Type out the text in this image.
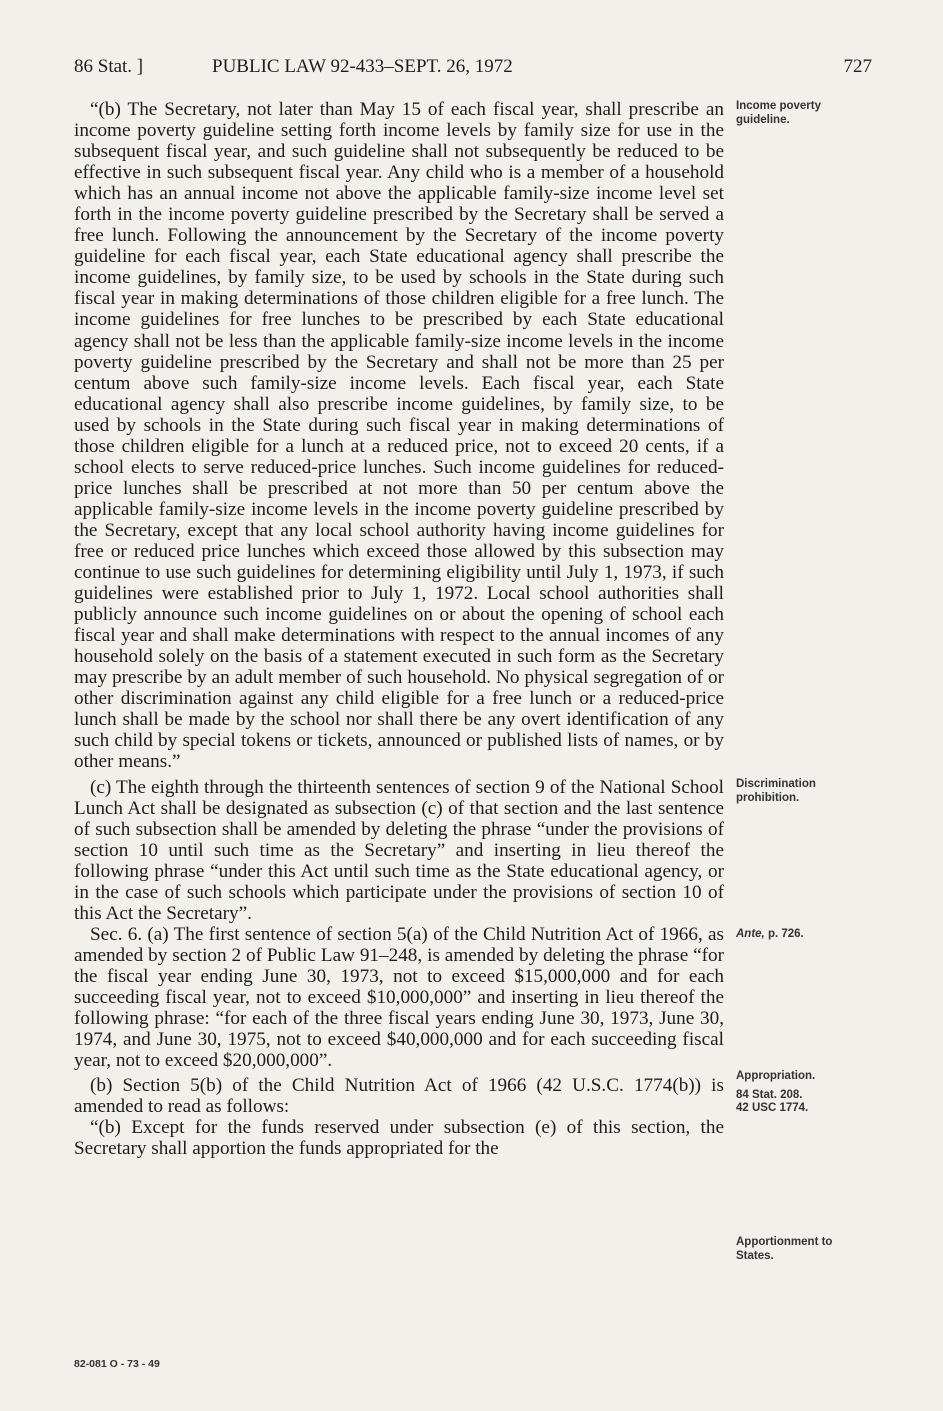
86 Stat. ]	PUBLIC LAW 92-433–SEPT. 26, 1972	727

“(b) The Secretary, not later than May 15 of each fiscal year, shall prescribe an income poverty guideline setting forth income levels by family size for use in the subsequent fiscal year, and such guideline shall not subsequently be reduced to be effective in such subsequent fiscal year. Any child who is a member of a household which has an annual income not above the applicable family-size income level set forth in the income poverty guideline prescribed by the Secretary shall be served a free lunch. Following the announcement by the Secretary of the income poverty guideline for each fiscal year, each State educational agency shall prescribe the income guidelines, by family size, to be used by schools in the State during such fiscal year in making determinations of those children eligible for a free lunch. The income guidelines for free lunches to be prescribed by each State educational agency shall not be less than the applicable family-size income levels in the income poverty guideline prescribed by the Secretary and shall not be more than 25 per centum above such family-size income levels. Each fiscal year, each State educational agency shall also prescribe income guidelines, by family size, to be used by schools in the State during such fiscal year in making determinations of those children eligible for a lunch at a reduced price, not to exceed 20 cents, if a school elects to serve reduced-price lunches. Such income guidelines for reduced-price lunches shall be prescribed at not more than 50 per centum above the applicable family-size income levels in the income poverty guideline prescribed by the Secretary, except that any local school authority having income guidelines for free or reduced price lunches which exceed those allowed by this subsection may continue to use such guidelines for determining eligibility until July 1, 1973, if such guidelines were established prior to July 1, 1972. Local school authorities shall publicly announce such income guidelines on or about the opening of school each fiscal year and shall make determinations with respect to the annual incomes of any household solely on the basis of a statement executed in such form as the Secretary may prescribe by an adult member of such household. No physical segregation of or other discrimination against any child eligible for a free lunch or a reduced-price lunch shall be made by the school nor shall there be any overt identification of any such child by special tokens or tickets, announced or published lists of names, or by other means.”

(c) The eighth through the thirteenth sentences of section 9 of the National School Lunch Act shall be designated as subsection (c) of that section and the last sentence of such subsection shall be amended by deleting the phrase “under the provisions of section 10 until such time as the Secretary” and inserting in lieu thereof the following phrase “under this Act until such time as the State educational agency, or in the case of such schools which participate under the provisions of section 10 of this Act the Secretary”.

Sec. 6. (a) The first sentence of section 5(a) of the Child Nutrition Act of 1966, as amended by section 2 of Public Law 91–248, is amended by deleting the phrase “for the fiscal year ending June 30, 1973, not to exceed $15,000,000 and for each succeeding fiscal year, not to exceed $10,000,000” and inserting in lieu thereof the following phrase: “for each of the three fiscal years ending June 30, 1973, June 30, 1974, and June 30, 1975, not to exceed $40,000,000 and for each succeeding fiscal year, not to exceed $20,000,000”.

(b) Section 5(b) of the Child Nutrition Act of 1966 (42 U.S.C. 1774(b)) is amended to read as follows:

“(b) Except for the funds reserved under subsection (e) of this section, the Secretary shall apportion the funds appropriated for the

Income poverty guideline.
Discrimination prohibition.
Ante, p. 726.
Appropriation.
84 Stat. 208.
42 USC 1774.
Apportionment to States.
82-081 O - 73 - 49
